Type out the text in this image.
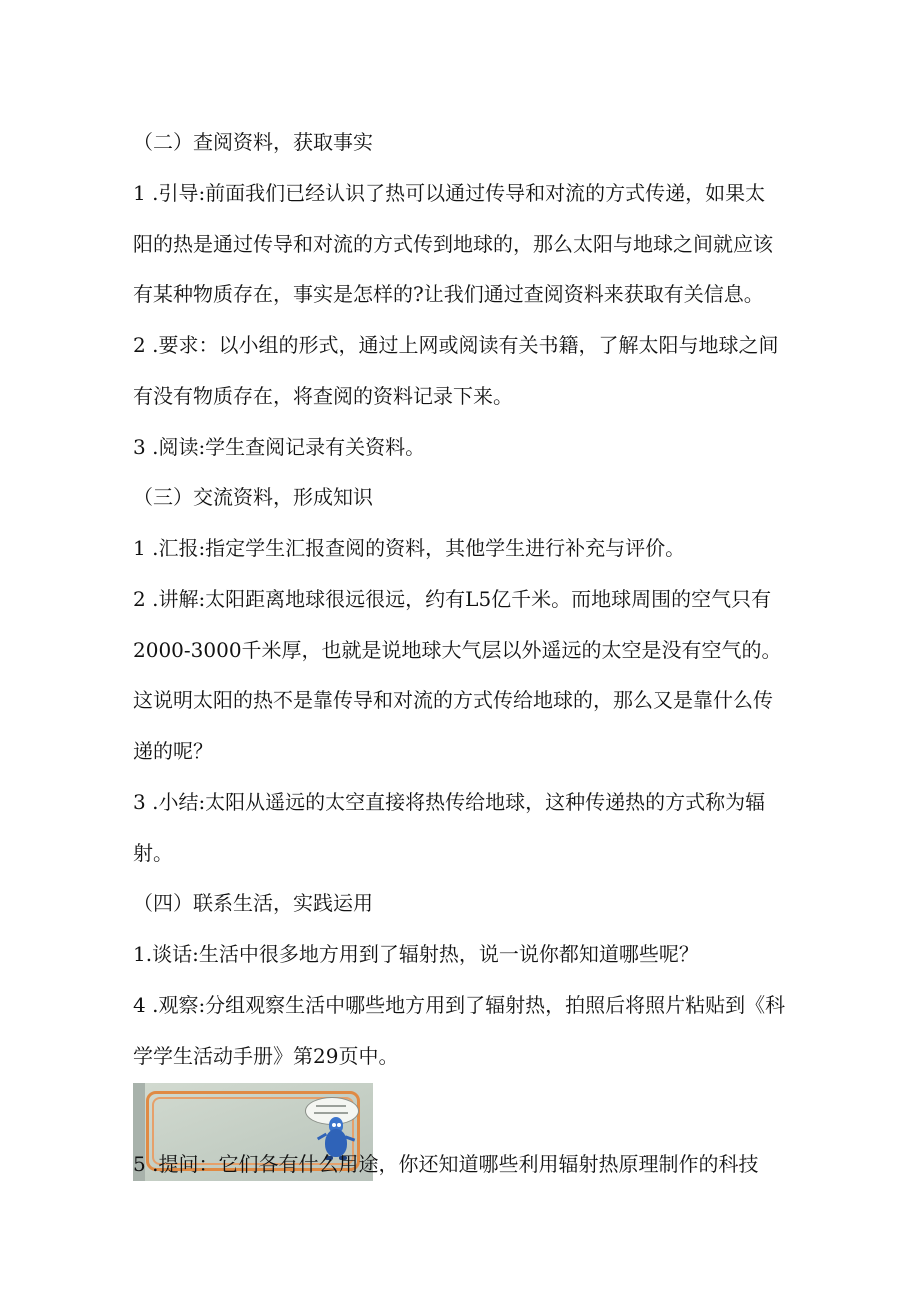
（二）查阅资料，获取事实

1 .引导:前面我们已经认识了热可以通过传导和对流的方式传递，如果太

阳的热是通过传导和对流的方式传到地球的，那么太阳与地球之间就应该

有某种物质存在，事实是怎样的?让我们通过查阅资料来获取有关信息。

2 .要求：以小组的形式，通过上网或阅读有关书籍，了解太阳与地球之间

有没有物质存在，将查阅的资料记录下来。

3 .阅读:学生查阅记录有关资料。

（三）交流资料，形成知识

1 .汇报:指定学生汇报查阅的资料，其他学生进行补充与评价。

2 .讲解:太阳距离地球很远很远，约有L5亿千米。而地球周围的空气只有

2000-3000千米厚，也就是说地球大气层以外遥远的太空是没有空气的。

这说明太阳的热不是靠传导和对流的方式传给地球的，那么又是靠什么传

递的呢？

3 .小结:太阳从遥远的太空直接将热传给地球，这种传递热的方式称为辐

射。

（四）联系生活，实践运用

1.谈话:生活中很多地方用到了辐射热，说一说你都知道哪些呢？

4 .观察:分组观察生活中哪些地方用到了辐射热，拍照后将照片粘贴到《科

学学生活动手册》第29页中。

5 .提问：它们各有什么用途，你还知道哪些利用辐射热原理制作的科技
